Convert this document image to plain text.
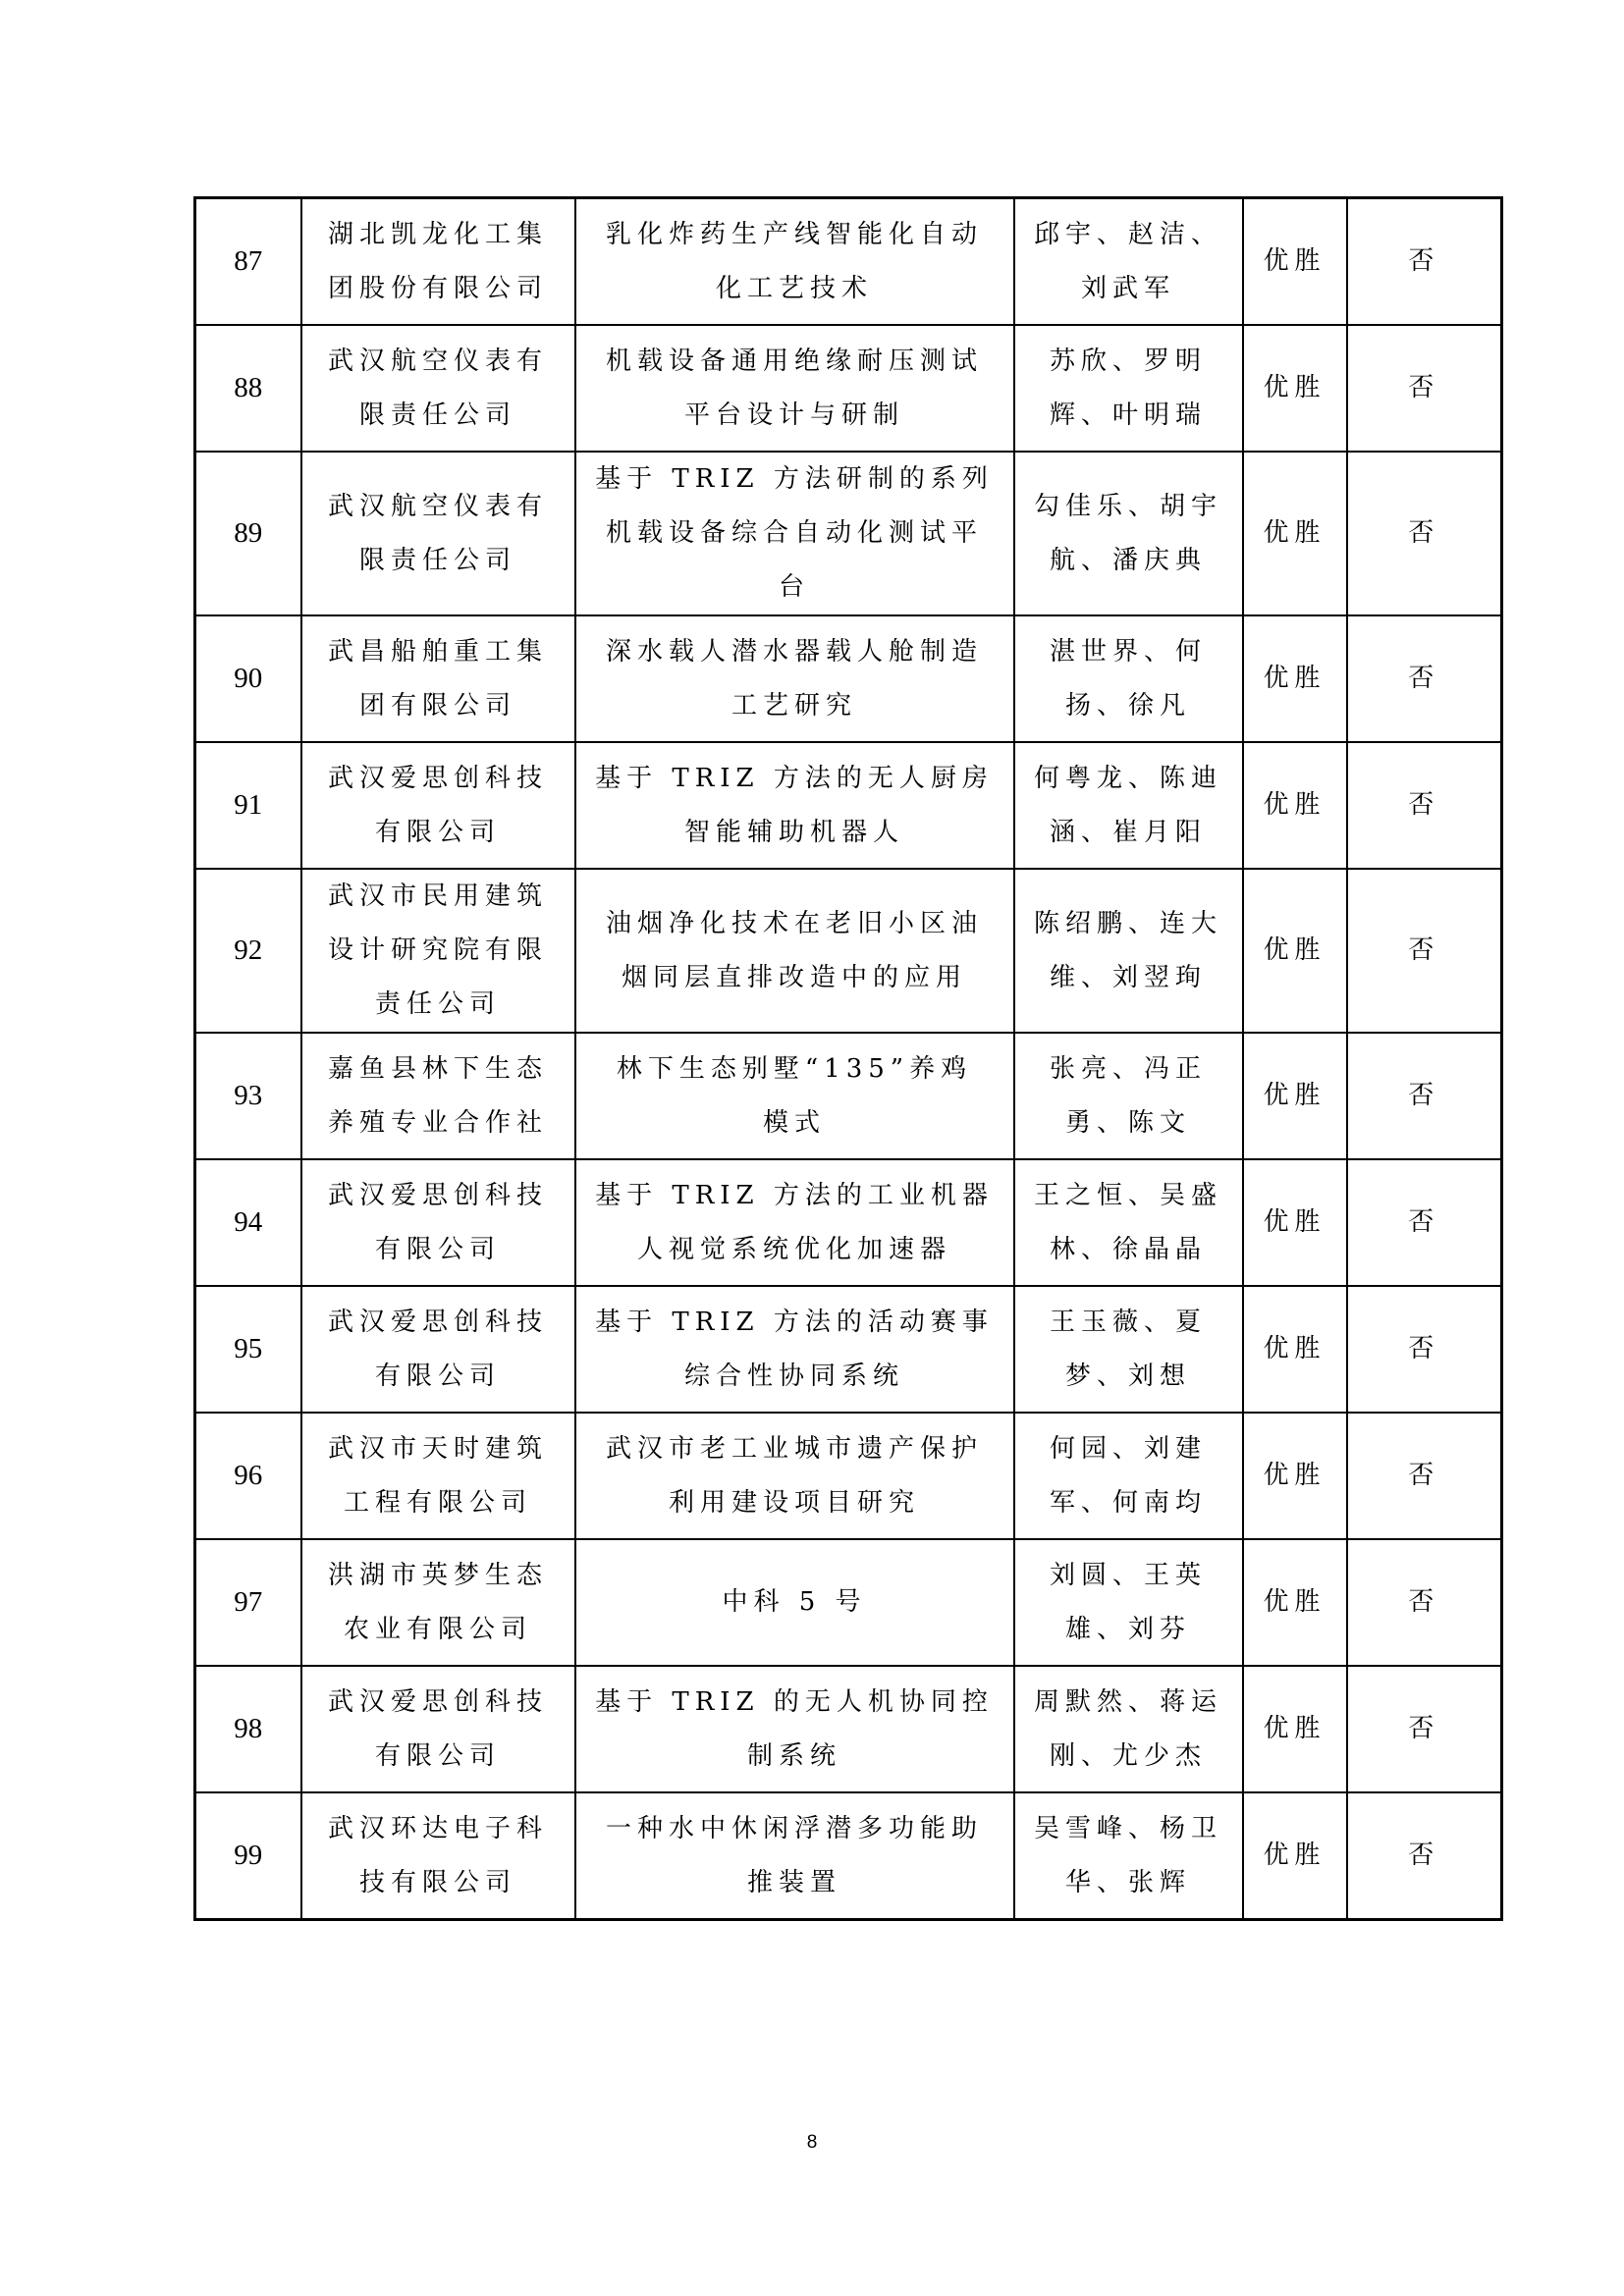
87	湖北凯龙化工集
团股份有限公司	乳化炸药生产线智能化自动
化工艺技术	邱宇、赵洁、
刘武军	优胜	否
88	武汉航空仪表有
限责任公司	机载设备通用绝缘耐压测试
平台设计与研制	苏欣、罗明
辉、叶明瑞	优胜	否
89	武汉航空仪表有
限责任公司	基于 TRIZ 方法研制的系列
机载设备综合自动化测试平
台	勾佳乐、胡宇
航、潘庆典	优胜	否
90	武昌船舶重工集
团有限公司	深水载人潜水器载人舱制造
工艺研究	湛世界、何
扬、徐凡	优胜	否
91	武汉爱思创科技
有限公司	基于 TRIZ 方法的无人厨房
智能辅助机器人	何粤龙、陈迪
涵、崔月阳	优胜	否
92	武汉市民用建筑
设计研究院有限
责任公司	油烟净化技术在老旧小区油
烟同层直排改造中的应用	陈绍鹏、连大
维、刘翌珣	优胜	否
93	嘉鱼县林下生态
养殖专业合作社	林下生态别墅“135”养鸡
模式	张亮、冯正
勇、陈文	优胜	否
94	武汉爱思创科技
有限公司	基于 TRIZ 方法的工业机器
人视觉系统优化加速器	王之恒、吴盛
林、徐晶晶	优胜	否
95	武汉爱思创科技
有限公司	基于 TRIZ 方法的活动赛事
综合性协同系统	王玉薇、夏
梦、刘想	优胜	否
96	武汉市天时建筑
工程有限公司	武汉市老工业城市遗产保护
利用建设项目研究	何园、刘建
军、何南均	优胜	否
97	洪湖市英梦生态
农业有限公司	中科 5 号	刘圆、王英
雄、刘芬	优胜	否
98	武汉爱思创科技
有限公司	基于 TRIZ 的无人机协同控
制系统	周默然、蒋运
刚、尤少杰	优胜	否
99	武汉环达电子科
技有限公司	一种水中休闲浮潜多功能助
推装置	吴雪峰、杨卫
华、张辉	优胜	否
8
